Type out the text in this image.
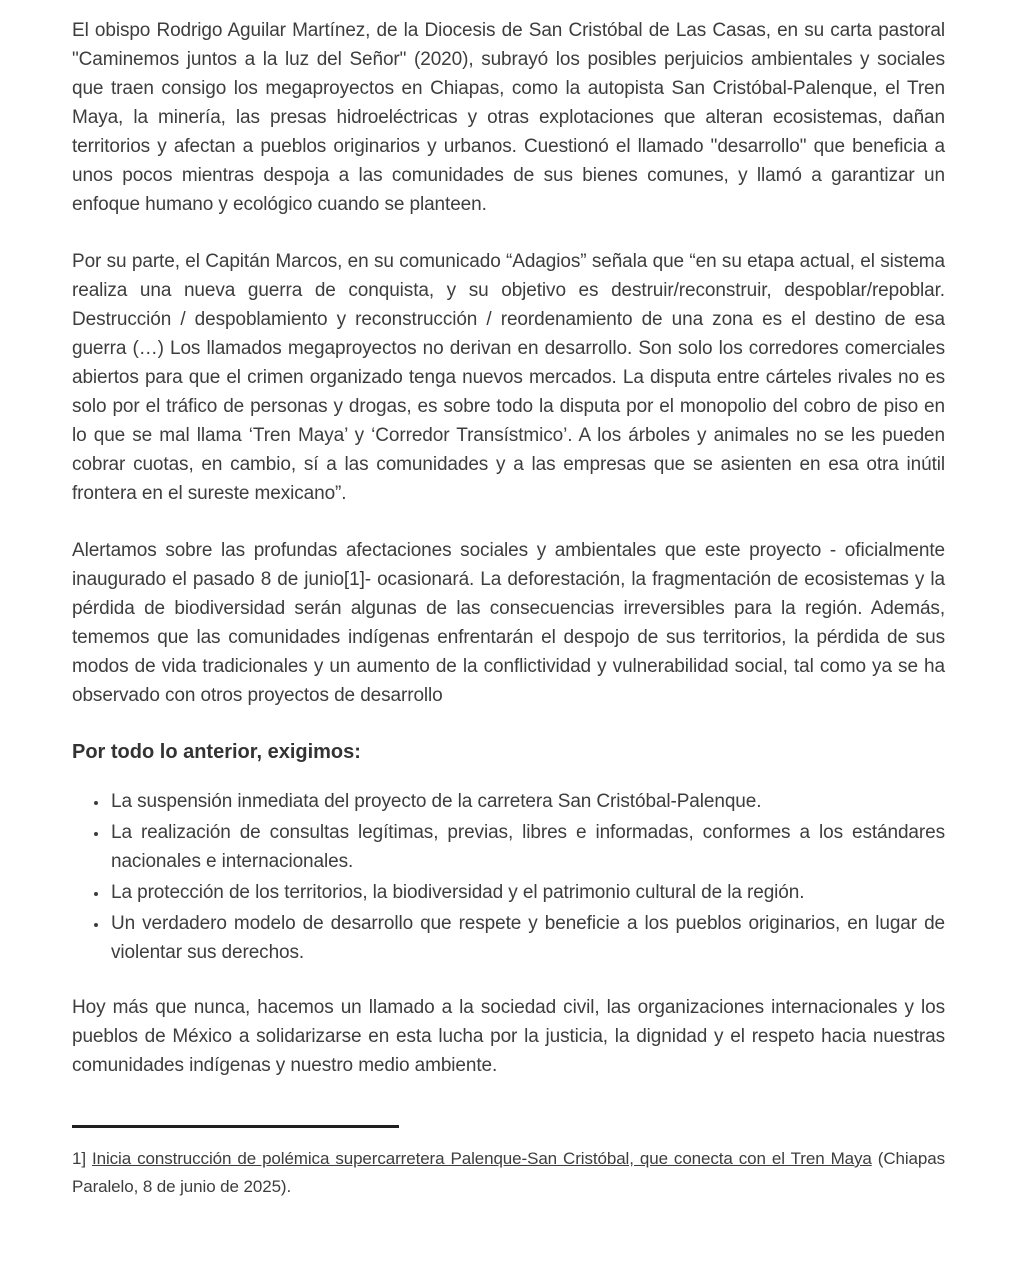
El obispo Rodrigo Aguilar Martínez, de la Diocesis de San Cristóbal de Las Casas, en su carta pastoral "Caminemos juntos a la luz del Señor" (2020), subrayó los posibles perjuicios ambientales y sociales que traen consigo los megaproyectos en Chiapas, como la autopista San Cristóbal-Palenque, el Tren Maya, la minería, las presas hidroeléctricas y otras explotaciones que alteran ecosistemas, dañan territorios y afectan a pueblos originarios y urbanos. Cuestionó el llamado "desarrollo" que beneficia a unos pocos mientras despoja a las comunidades de sus bienes comunes, y llamó a garantizar un enfoque humano y ecológico cuando se planteen.

Por su parte, el Capitán Marcos, en su comunicado “Adagios” señala que “en su etapa actual, el sistema realiza una nueva guerra de conquista, y su objetivo es destruir/reconstruir, despoblar/repoblar. Destrucción / despoblamiento y reconstrucción / reordenamiento de una zona es el destino de esa guerra (…) Los llamados megaproyectos no derivan en desarrollo. Son solo los corredores comerciales abiertos para que el crimen organizado tenga nuevos mercados. La disputa entre cárteles rivales no es solo por el tráfico de personas y drogas, es sobre todo la disputa por el monopolio del cobro de piso en lo que se mal llama ‘Tren Maya’ y ‘Corredor Transístmico’. A los árboles y animales no se les pueden cobrar cuotas, en cambio, sí a las comunidades y a las empresas que se asienten en esa otra inútil frontera en el sureste mexicano”.

Alertamos sobre las profundas afectaciones sociales y ambientales que este proyecto - oficialmente inaugurado el pasado 8 de junio[1]- ocasionará. La deforestación, la fragmentación de ecosistemas y la pérdida de biodiversidad serán algunas de las consecuencias irreversibles para la región. Además, tememos que las comunidades indígenas enfrentarán el despojo de sus territorios, la pérdida de sus modos de vida tradicionales y un aumento de la conflictividad y vulnerabilidad social, tal como ya se ha observado con otros proyectos de desarrollo

Por todo lo anterior, exigimos:

• La suspensión inmediata del proyecto de la carretera San Cristóbal-Palenque.
• La realización de consultas legítimas, previas, libres e informadas, conformes a los estándares nacionales e internacionales.
• La protección de los territorios, la biodiversidad y el patrimonio cultural de la región.
• Un verdadero modelo de desarrollo que respete y beneficie a los pueblos originarios, en lugar de violentar sus derechos.

Hoy más que nunca, hacemos un llamado a la sociedad civil, las organizaciones internacionales y los pueblos de México a solidarizarse en esta lucha por la justicia, la dignidad y el respeto hacia nuestras comunidades indígenas y nuestro medio ambiente.

1] Inicia construcción de polémica supercarretera Palenque-San Cristóbal, que conecta con el Tren Maya (Chiapas Paralelo, 8 de junio de 2025).
